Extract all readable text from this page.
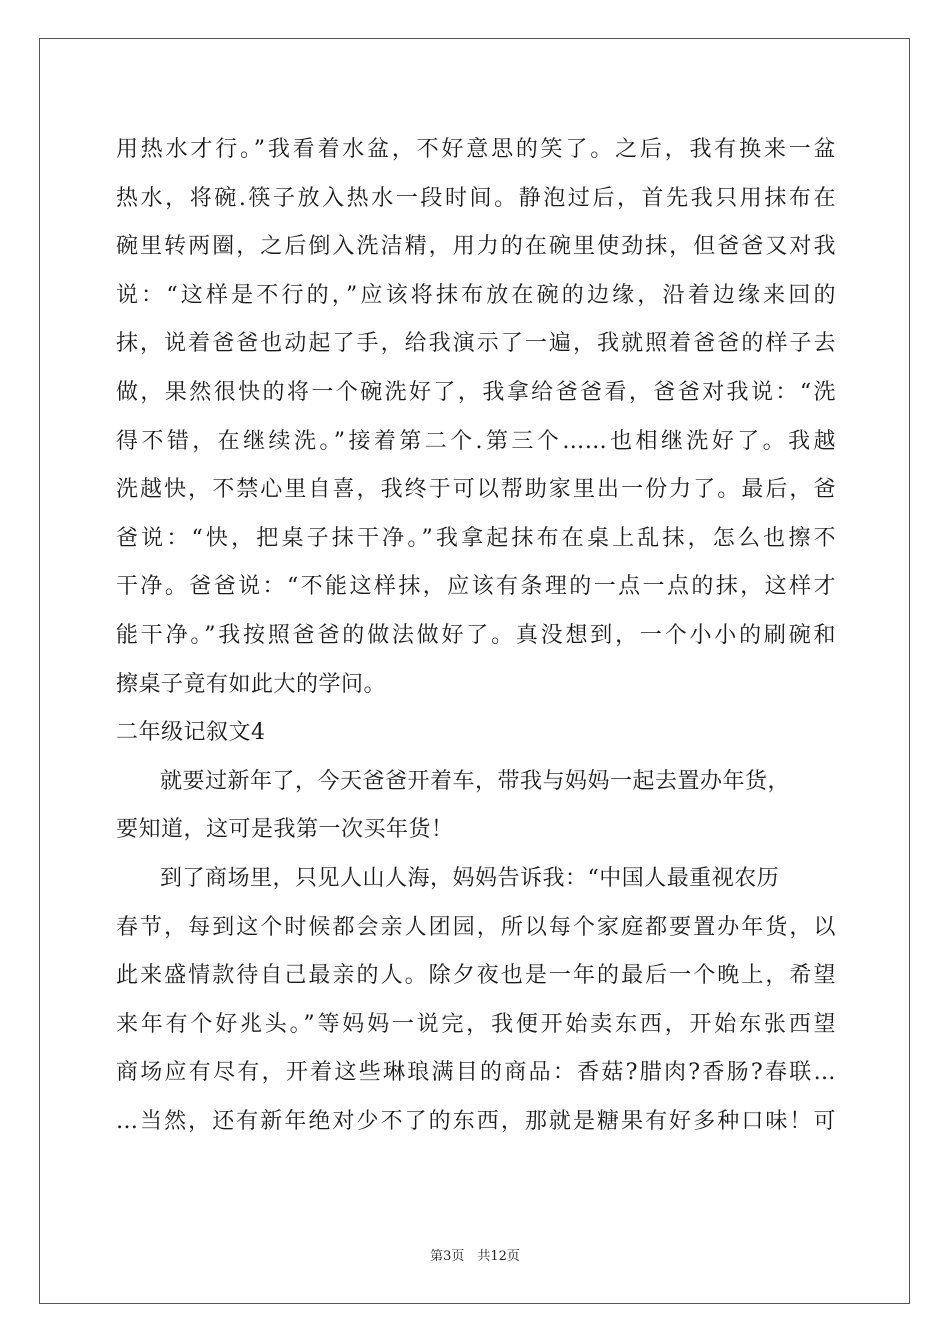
用热水才行。”我看着水盆，不好意思的笑了。之后，我有换来一盆
热水，将碗.筷子放入热水一段时间。静泡过后，首先我只用抹布在
碗里转两圈，之后倒入洗洁精，用力的在碗里使劲抹，但爸爸又对我
说：“这样是不行的，”应该将抹布放在碗的边缘，沿着边缘来回的
抹，说着爸爸也动起了手，给我演示了一遍，我就照着爸爸的样子去
做，果然很快的将一个碗洗好了，我拿给爸爸看，爸爸对我说：“洗
得不错，在继续洗。”接着第二个.第三个……也相继洗好了。我越
洗越快，不禁心里自喜，我终于可以帮助家里出一份力了。最后，爸
爸说：“快，把桌子抹干净。”我拿起抹布在桌上乱抹，怎么也擦不
干净。爸爸说：“不能这样抹，应该有条理的一点一点的抹，这样才
能干净。”我按照爸爸的做法做好了。真没想到，一个小小的刷碗和
擦桌子竟有如此大的学问。
二年级记叙文4
就要过新年了，今天爸爸开着车，带我与妈妈一起去置办年货，
要知道，这可是我第一次买年货！
到了商场里，只见人山人海，妈妈告诉我：“中国人最重视农历
春节，每到这个时候都会亲人团园，所以每个家庭都要置办年货，以
此来盛情款待自己最亲的人。除夕夜也是一年的最后一个晚上，希望
来年有个好兆头。”等妈妈一说完，我便开始卖东西，开始东张西望
商场应有尽有，开着这些琳琅满目的商品：香菇?腊肉?香肠?春联…
…当然，还有新年绝对少不了的东西，那就是糖果有好多种口味！可
第3页　共12页
